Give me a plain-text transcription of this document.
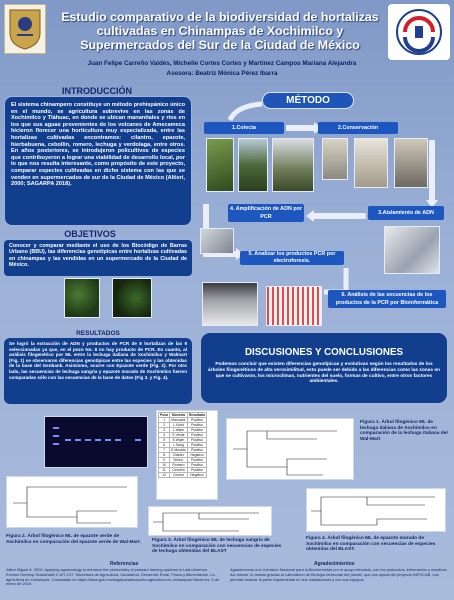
Estudio comparativo de la biodiversidad de hortalizas cultivadas en Chinampas de Xochimilco y Supermercados del Sur de la Ciudad de México
Juan Felipe Carreño Valdés, Michelle Cortes Cortes y Martínez Campos Mariana Alejandra
Asesora: Beatriz Mónica Pérez Ibarra
INTRODUCCIÓN

El sistema chinampero constituye un método prehispánico único en el mundo, se agricultura sobrevive en las zonas de Xochimilco y Tláhuac, en donde se ubican manantiales y ríos en los que sus aguas provenientes de los volcanes de Amecameca hicieron florecer una horticultura muy especializada, entre las hortalizas cultivadas encontramos: cilantro, epazote, hierbabuena, cebollín, romero, lechuga y verdolaga, entre otros. En años posteriores, se introdujeron policultivos de especies que contribuyeron a lograr una viabilidad de desarrollo local, por lo que nos resulta interesante, como propósito de este proyecto, comparar especies cultivadas en dicho sistema con las que se venden en supermercados de sur de la Ciudad de México (Altieri, 2000; SAGARPA 2018).

OBJETIVOS

Conocer y comparar mediante el uso de los Biocódigo de Barras Urbano (BBU), las diferencias genotípicas entre hortalizas cultivadas en chinampas y las vendidas en un supermercado de la Ciudad de México.

RESULTADOS

Se logró la extracción de ADN y productos de PCR de 8 hortalizas de las 9 seleccionadas ya que, en el pozo No. 8 no hay producto de PCR. En cuanto, al análisis filogenético por ML entre la lechuga italiana de Xochimilco y Walmart (Fig. 1) se observaron diferencias genotípicas entre las especies y las obtenidas de la base del Genbank. Asimismo, ocurre con Epazote verde (Fig. 2). Por otro lado, las secuencias de lechuga sangria y epazote morado de Xochimilco fueron comparadas sólo con las secuencias de la base de datos (Fig 3. y Fig. 4).

MÉTODO
1.Colecta	2.Conservación
3.Aislamiento de ADN
4. Amplificación de ADN por PCR
5. Analizar los productos PCR por electroforesis.
6. Análisis de las secuencias de los productos de la PCR por Bioinformática
DISCUSIONES Y CONCLUSIONES

Podemos concluir que existen diferencias genotípicas y evolutivas según los resultados de los árboles filogenéticos de alta verosimilitud, esto puede ser debido a las diferencias como las zonas en que se cultivaron, los microclimas, nutrientes del suelo, formas de cultivo, entre otros factores ambientales.

Pozo	Muestra	Resultado
1	Marcador	Positivo
2	L.Xochi	Positivo
3	L.Walm	Positivo
4	E.Verde	Positivo
5	E.Walm	Positivo
6	L.Sang	Positivo
7	E.Morado	Positivo
8	Cilantro	Negativo
9	Verdol.	Positivo
10	Romero	Positivo
11	Cebollín	Positivo
12	Control	Negativo
Figura 1. Árbol filogénico ML de lechuga italiana de Xochimilco en comparación de la lechuga italiana del Wal-Mart
Figura 2. Árbol filogénico ML de epazote verde de Xochimilco en comparación del epazote verde de Wal-Mart.	Figura 3. Árbol filogénico ML de lechuga sangría de Xochimilco en comparación con secuencias de especies de lechuga obtenidas del BLAST
Figura 4. Árbol filogénico ML de epazote morado de Xochimilco en comparación con secuencias de especies obtenidas del BLAST.
Referencias
Altieri Miguel A. 2000. Applying agroecology to enhance the productivity of peasant farming systems in Latin America. Environ Develop Sustainabil 1:197-217. Secretaría de Agricultura, Ganadería, Desarrollo Rural, Pesca y Alimentación. La agricultura en chinampas. Consultado en https://www.gob.mx/sagarpa/articulos/la-agricultura-en-chinampas?idiom=es. 5 de enero de 2019.
Agradecimientos
Agradecemos a la Comisión Nacional para la Biodiversidad por el apoyo brindado, con los protocolos, información y reactivos. Así mismo, le damos gracias al Laboratorio de Biología Molecular del plantel, que con ayuda del proyecto INFOCAB, nos permitió realizar la parte experimental en sus instalaciones y con sus equipos.
